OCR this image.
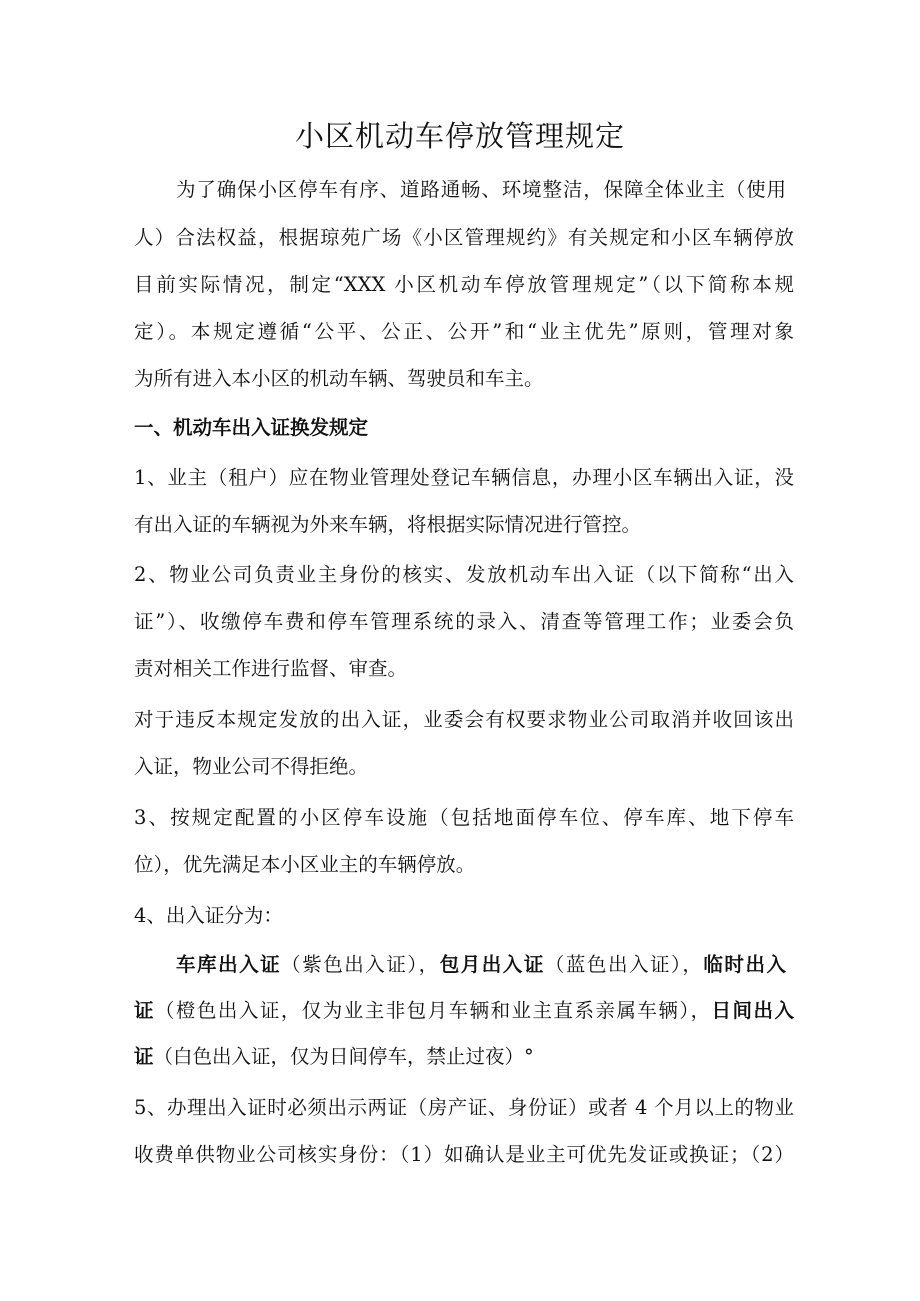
小区机动车停放管理规定
为了确保小区停车有序、道路通畅、环境整洁，保障全体业主（使用
人）合法权益，根据琼苑广场《小区管理规约》有关规定和小区车辆停放
目前实际情况，制定“XXX 小区机动车停放管理规定”（以下简称本规
定）。本规定遵循“公平、公正、公开”和“业主优先”原则，管理对象
为所有进入本小区的机动车辆、驾驶员和车主。
一、机动车出入证换发规定
1、业主（租户）应在物业管理处登记车辆信息，办理小区车辆出入证，没
有出入证的车辆视为外来车辆，将根据实际情况进行管控。
2、物业公司负责业主身份的核实、发放机动车出入证（以下简称“出入
证”）、收缴停车费和停车管理系统的录入、清查等管理工作；业委会负
责对相关工作进行监督、审查。
对于违反本规定发放的出入证，业委会有权要求物业公司取消并收回该出
入证，物业公司不得拒绝。
3、按规定配置的小区停车设施（包括地面停车位、停车库、地下停车
位），优先满足本小区业主的车辆停放。
4、出入证分为：
车库出入证（紫色出入证），包月出入证（蓝色出入证），临时出入
证（橙色出入证，仅为业主非包月车辆和业主直系亲属车辆），日间出入
证（白色出入证，仅为日间停车，禁止过夜）°
5、办理出入证时必须出示两证（房产证、身份证）或者 4 个月以上的物业
收费单供物业公司核实身份：（1）如确认是业主可优先发证或换证；（2）
